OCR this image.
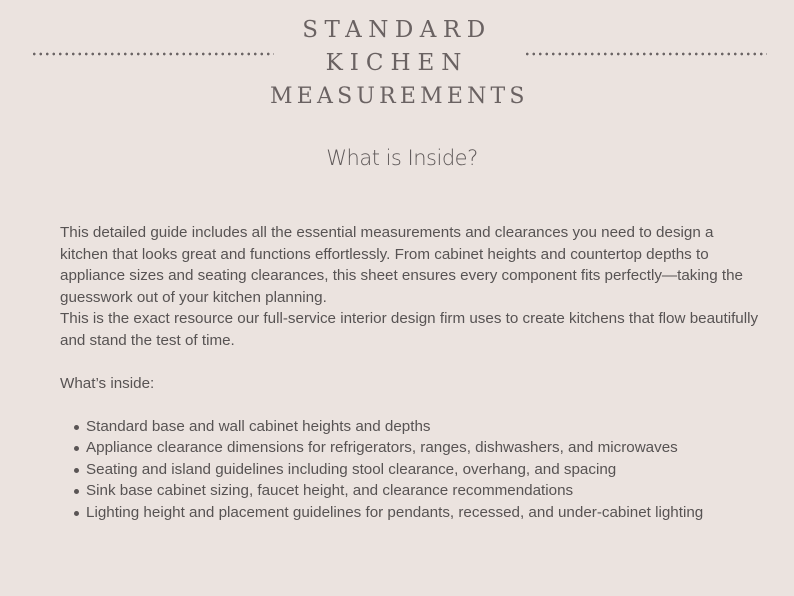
STANDARD
KICHEN
MEASUREMENTS
What is Inside?

This detailed guide includes all the essential measurements and clearances you need to design a kitchen that looks great and functions effortlessly. From cabinet heights and countertop depths to appliance sizes and seating clearances, this sheet ensures every component fits perfectly—taking the guesswork out of your kitchen planning.

This is the exact resource our full-service interior design firm uses to create kitchens that flow beautifully and stand the test of time.

What’s inside:

Standard base and wall cabinet heights and depths
Appliance clearance dimensions for refrigerators, ranges, dishwashers, and microwaves
Seating and island guidelines including stool clearance, overhang, and spacing
Sink base cabinet sizing, faucet height, and clearance recommendations
Lighting height and placement guidelines for pendants, recessed, and under-cabinet lighting
